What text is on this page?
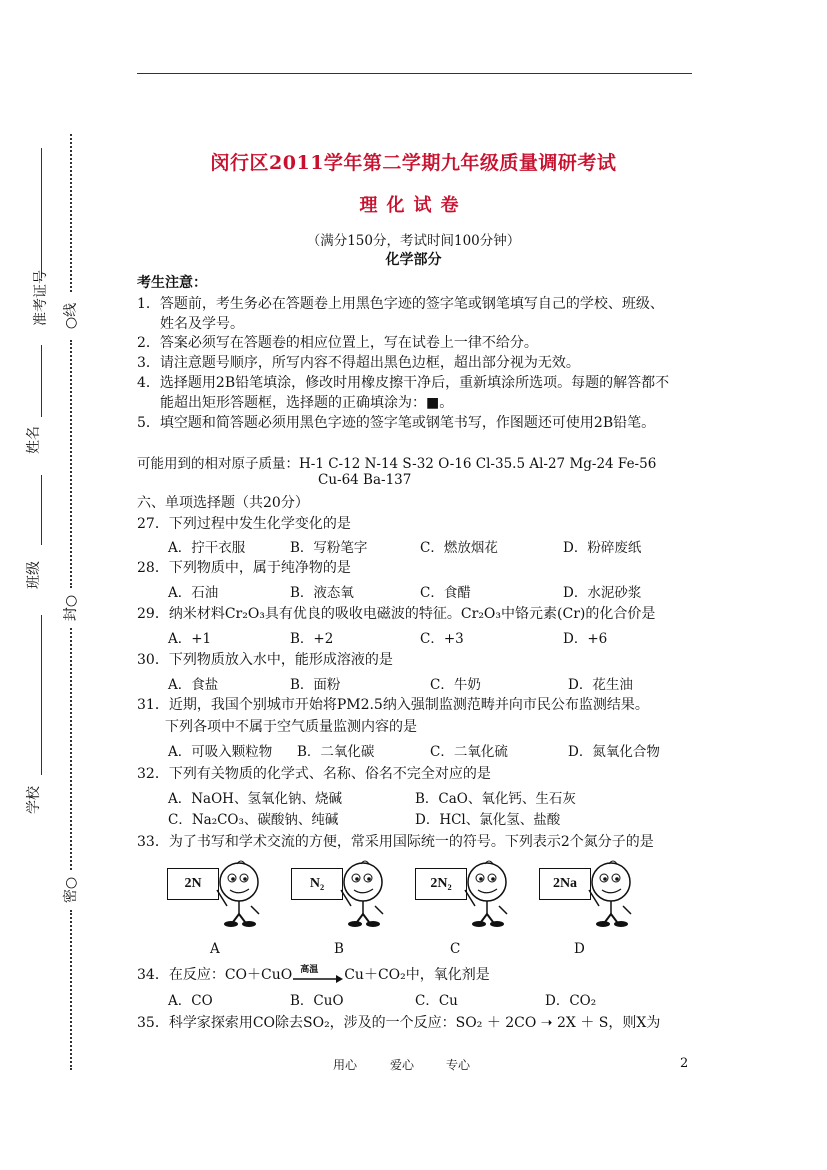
准考证号
姓名
班级
学校
○线
封○
密○
闵行区2011学年第二学期九年级质量调研考试
理化试卷
（满分150分，考试时间100分钟）
化学部分
考生注意：
1．答题前，考生务必在答题卷上用黑色字迹的签字笔或钢笔填写自己的学校、班级、
姓名及学号。
2．答案必须写在答题卷的相应位置上，写在试卷上一律不给分。
3．请注意题号顺序，所写内容不得超出黑色边框，超出部分视为无效。
4．选择题用2B铅笔填涂，修改时用橡皮擦干净后，重新填涂所选项。每题的解答都不
能超出矩形答题框，选择题的正确填涂为：■。
5．填空题和简答题必须用黑色字迹的签字笔或钢笔书写，作图题还可使用2B铅笔。
可能用到的相对原子质量：H-1 C-12 N-14 S-32 O-16 Cl-35.5 Al-27 Mg-24 Fe-56
Cu-64 Ba-137
六、单项选择题（共20分）
27．下列过程中发生化学变化的是
A．拧干衣服	B．写粉笔字	C．燃放烟花	D．粉碎废纸
28．下列物质中，属于纯净物的是
A．石油	B．液态氧	C．食醋	D．水泥砂浆
29．纳米材料Cr₂O₃具有优良的吸收电磁波的特征。Cr₂O₃中铬元素(Cr)的化合价是
A．+1	B．+2	C．+3	D．+6
30．下列物质放入水中，能形成溶液的是
A．食盐	B．面粉	C．牛奶	D．花生油
31．近期，我国个别城市开始将PM2.5纳入强制监测范畴并向市民公布监测结果。
下列各项中不属于空气质量监测内容的是
A．可吸入颗粒物 B．二氧化碳	C．二氧化硫	D．氮氧化合物
32．下列有关物质的化学式、名称、俗名不完全对应的是
A．NaOH、氢氧化钠、烧碱	B．CaO、氧化钙、生石灰
C．Na₂CO₃、碳酸钠、纯碱	D．HCl、氯化氢、盐酸
33．为了书写和学术交流的方便，常采用国际统一的符号。下列表示2个氮分子的是
2N	N₂	2N₂	2Na
A	B	C	D
34．在反应：CO＋CuO 高温 Cu＋CO₂中，氧化剂是
A．CO	B．CuO	C．Cu	D．CO₂
35．科学家探索用CO除去SO₂，涉及的一个反应：SO₂ ＋ 2CO ➝ 2X ＋ S，则X为
用心	爱心	专心	2
